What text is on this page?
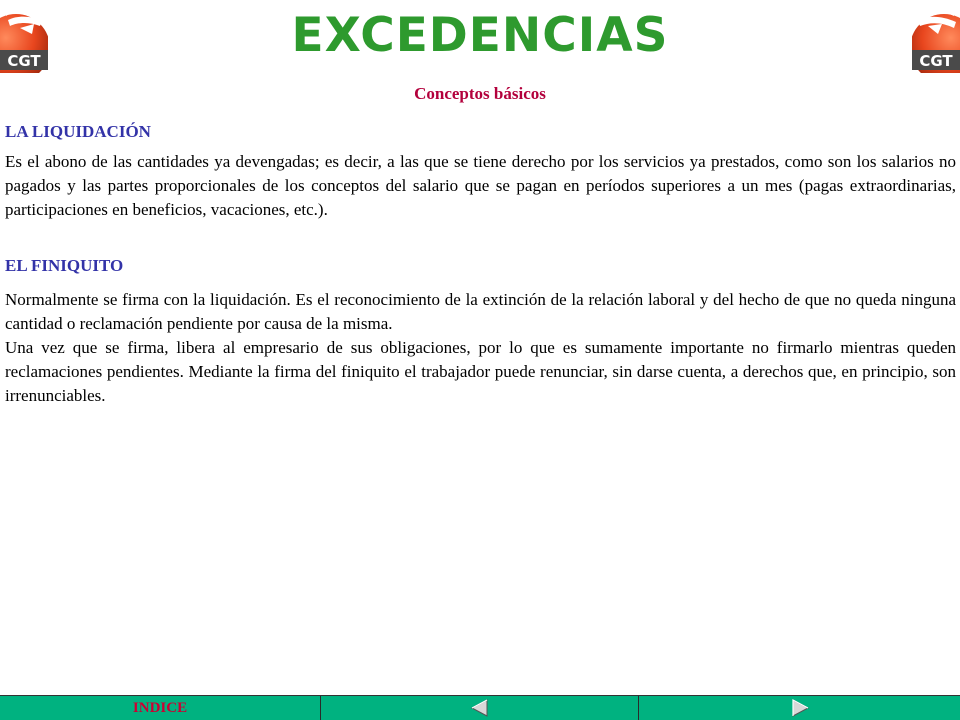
CGT	CGT
EXCEDENCIAS
Conceptos básicos
LA LIQUIDACIÓN

Es el abono de las cantidades ya devengadas; es decir, a las que se tiene derecho por los servicios ya prestados, como son los salarios no pagados y las partes proporcionales de los conceptos del salario que se pagan en períodos superiores a un mes (pagas extraordinarias, participaciones en beneficios, vacaciones, etc.).

EL FINIQUITO

Normalmente se firma con la liquidación. Es el reconocimiento de la extinción de la relación laboral y del hecho de que no queda ninguna cantidad o reclamación pendiente por causa de la misma.

Una vez que se firma, libera al empresario de sus obligaciones, por lo que es sumamente importante no firmarlo mientras queden reclamaciones pendientes. Mediante la firma del finiquito el trabajador puede renunciar, sin darse cuenta, a derechos que, en principio, son irrenunciables.

INDICE
